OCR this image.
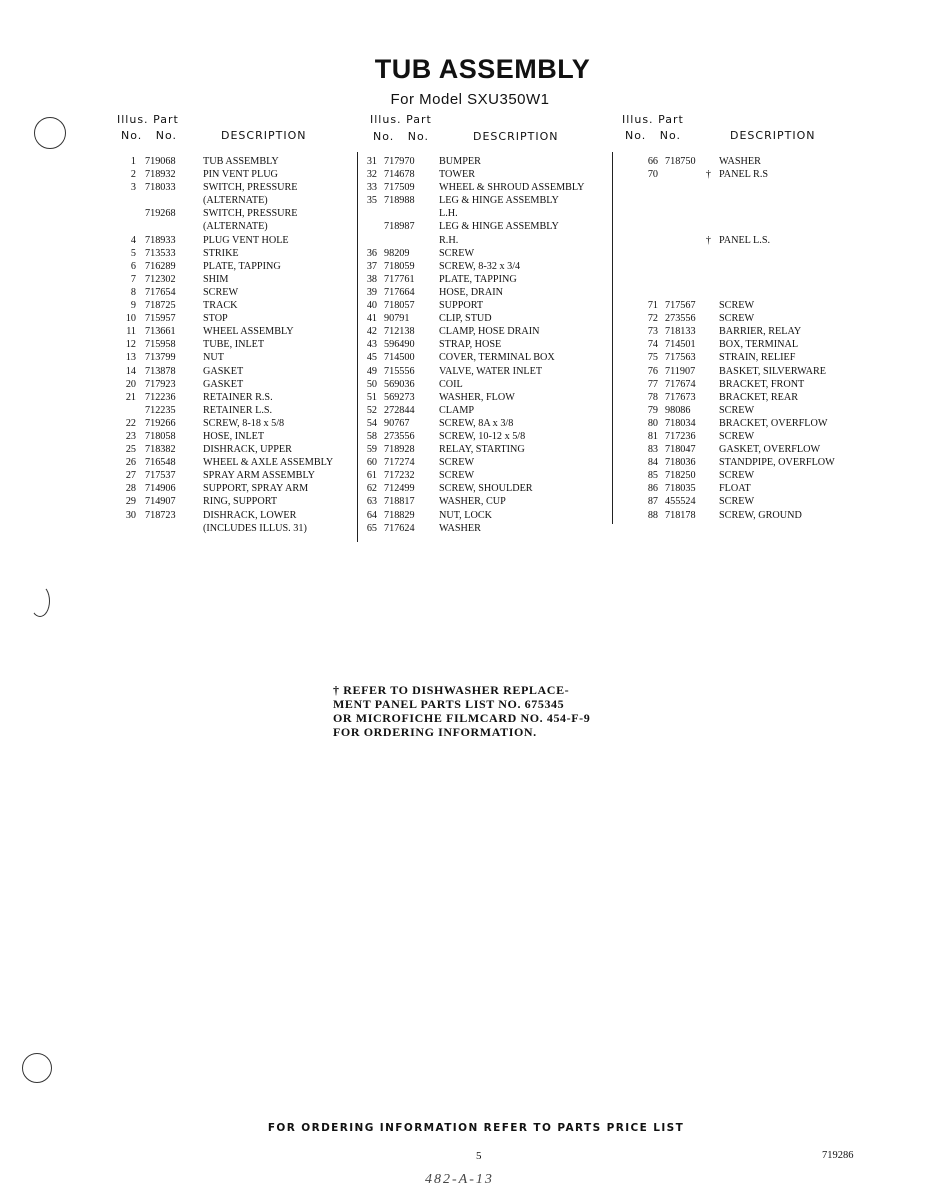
TUB ASSEMBLY
For Model SXU350W1
Illus. Part
No. No.	DESCRIPTION
Illus. Part
No. No.	DESCRIPTION
Illus. Part
No. No.	DESCRIPTION
1 719068	TUB ASSEMBLY
2 718932	PIN VENT PLUG
3 718033	SWITCH, PRESSURE
(ALTERNATE)
719268	SWITCH, PRESSURE
(ALTERNATE)
4 718933	PLUG VENT HOLE
5 713533	STRIKE
6 716289	PLATE, TAPPING
7 712302	SHIM
8 717654	SCREW
9 718725	TRACK
10 715957	STOP
11 713661	WHEEL ASSEMBLY
12 715958	TUBE, INLET
13 713799	NUT
14 713878	GASKET
20 717923	GASKET
21 712236	RETAINER R.S.
712235	RETAINER L.S.
22 719266	SCREW, 8-18 x 5/8
23 718058	HOSE, INLET
25 718382	DISHRACK, UPPER
26 716548	WHEEL & AXLE ASSEMBLY
27 717537	SPRAY ARM ASSEMBLY
28 714906	SUPPORT, SPRAY ARM
29 714907	RING, SUPPORT
30 718723	DISHRACK, LOWER
(INCLUDES ILLUS. 31)
31 717970	BUMPER
32 714678	TOWER
33 717509	WHEEL & SHROUD ASSEMBLY
35 718988	LEG & HINGE ASSEMBLY
L.H.
718987	LEG & HINGE ASSEMBLY
R.H.
36 98209	SCREW
37 718059	SCREW, 8-32 x 3/4
38 717761	PLATE, TAPPING
39 717664	HOSE, DRAIN
40 718057	SUPPORT
41 90791	CLIP, STUD
42 712138	CLAMP, HOSE DRAIN
43 596490	STRAP, HOSE
45 714500	COVER, TERMINAL BOX
49 715556	VALVE, WATER INLET
50 569036	COIL
51 569273	WASHER, FLOW
52 272844	CLAMP
54 90767	SCREW, 8A x 3/8
58 273556	SCREW, 10-12 x 5/8
59 718928	RELAY, STARTING
60 717274	SCREW
61 717232	SCREW
62 712499	SCREW, SHOULDER
63 718817	WASHER, CUP
64 718829	NUT, LOCK
65 717624	WASHER
66 718750	WASHER
70	† PANEL R.S
† PANEL L.S.
71 717567	SCREW
72 273556	SCREW
73 718133	BARRIER, RELAY
74 714501	BOX, TERMINAL
75 717563	STRAIN, RELIEF
76 711907	BASKET, SILVERWARE
77 717674	BRACKET, FRONT
78 717673	BRACKET, REAR
79 98086	SCREW
80 718034	BRACKET, OVERFLOW
81 717236	SCREW
83 718047	GASKET, OVERFLOW
84 718036	STANDPIPE, OVERFLOW
85 718250	SCREW
86 718035	FLOAT
87 455524	SCREW
88 718178	SCREW, GROUND
† REFER TO DISHWASHER REPLACE-
MENT PANEL PARTS LIST NO. 675345
OR MICROFICHE FILMCARD NO. 454-F-9
FOR ORDERING INFORMATION.
FOR ORDERING INFORMATION REFER TO PARTS PRICE LIST
5	719286
482-A-13
